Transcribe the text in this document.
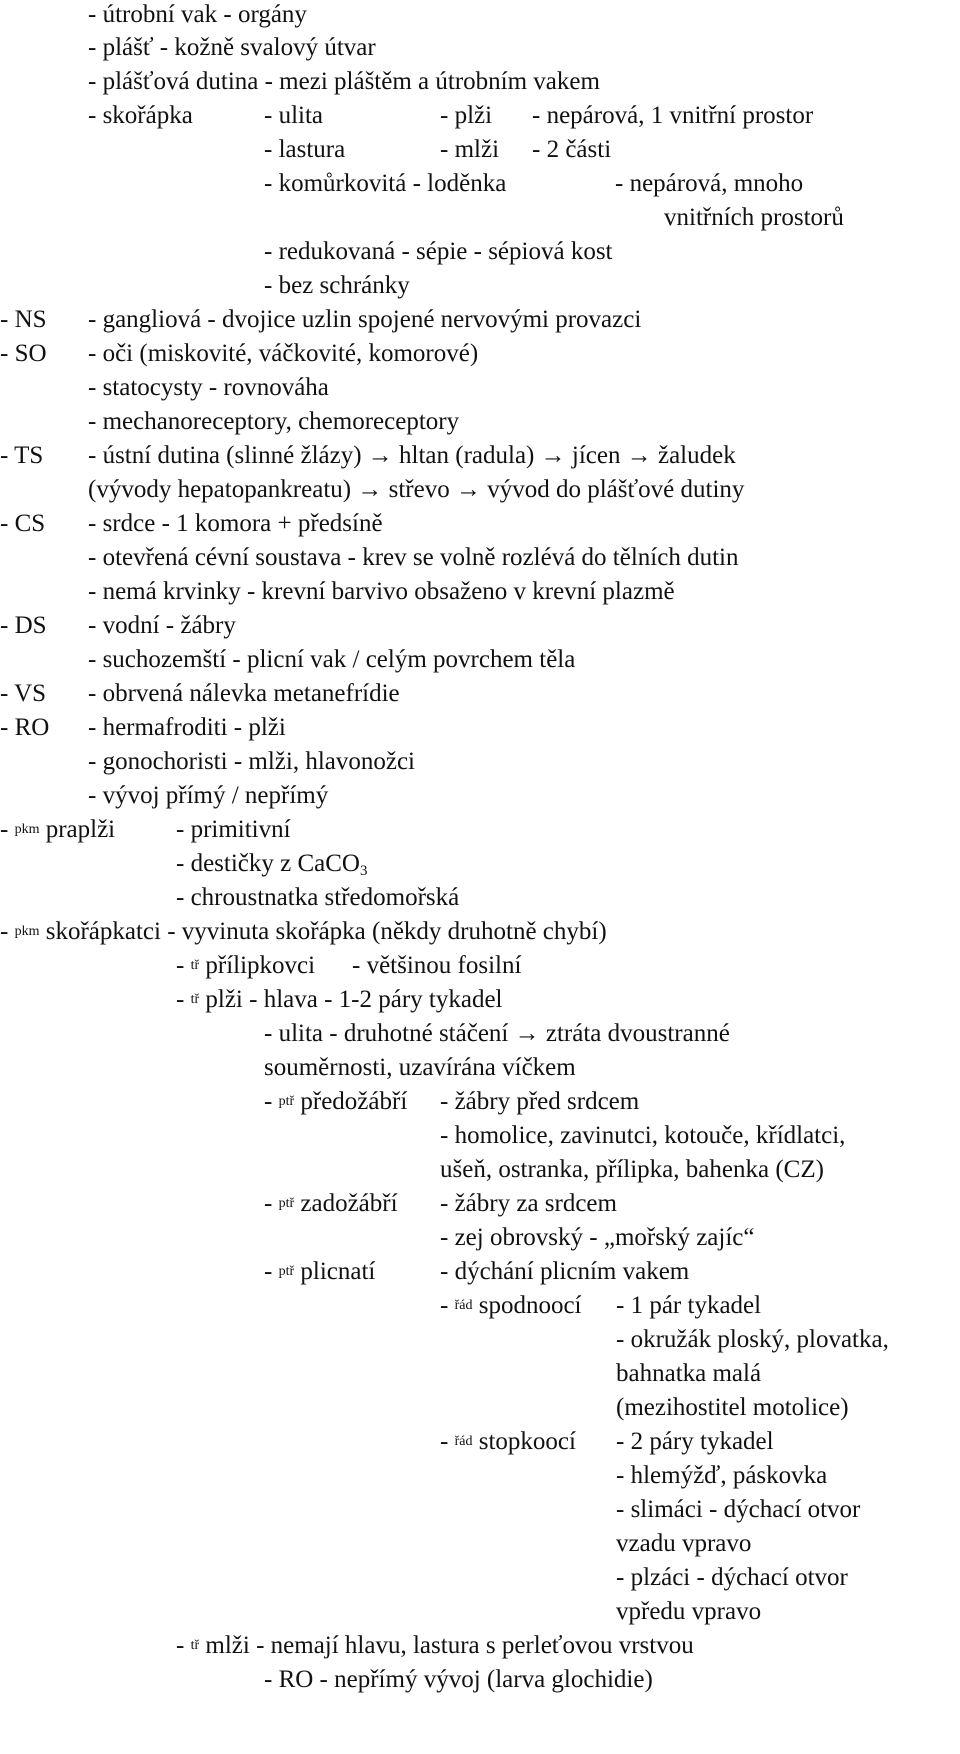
- útrobní vak - orgány
- plášť - kožně svalový útvar
- plášťová dutina - mezi pláštěm a útrobním vakem
- skořápka	- ulita	- plži - nepárová, 1 vnitřní prostor
- lastura	- mlži - 2 části
- komůrkovitá - loděnka	- nepárová, mnoho
vnitřních prostorů
- redukovaná - sépie - sépiová kost
- bez schránky
- NS - gangliová - dvojice uzlin spojené nervovými provazci
- SO - oči (miskovité, váčkovité, komorové)
- statocysty - rovnováha
- mechanoreceptory, chemoreceptory
- TS - ústní dutina (slinné žlázy) → hltan (radula) → jícen → žaludek
(vývody hepatopankreatu) → střevo → vývod do plášťové dutiny
- CS - srdce - 1 komora + předsíně
- otevřená cévní soustava - krev se volně rozlévá do tělních dutin
- nemá krvinky - krevní barvivo obsaženo v krevní plazmě
- DS - vodní - žábry
- suchozemští - plicní vak / celým povrchem těla
- VS - obrvená nálevka metanefrídie
- RO - hermafroditi - plži
- gonochoristi - mlži, hlavonožci
- vývoj přímý / nepřímý
- $^{pkm}$ praplži - primitivní
- destičky z CaCO$_3$
- chroustnatka středomořská
- $^{pkm}$ skořápkatci - vyvinuta skořápka (někdy druhotně chybí)
- $^{tř}$ přílipkovci - většinou fosilní
- $^{tř}$ plži - hlava - 1-2 páry tykadel
- ulita - druhotné stáčení → ztráta dvoustranné
souměrnosti, uzavírána víčkem
- $^{ptř}$ předožábří - žábry před srdcem
- homolice, zavinutci, kotouče, křídlatci,
ušeň, ostranka, přílipka, bahenka (CZ)
- $^{ptř}$ zadožábří - žábry za srdcem
- zej obrovský - „mořský zajíc“
- $^{ptř}$ plicnatí	- dýchání plicním vakem
- $^{řád}$ spodnoocí - 1 pár tykadel
- okružák ploský, plovatka,
bahnatka malá
(mezihostitel motolice)
- $^{řád}$ stopkoocí - 2 páry tykadel
- hlemýžď, páskovka
- slimáci - dýchací otvor
vzadu vpravo
- plzáci - dýchací otvor
vpředu vpravo
- $^{tř}$ mlži - nemají hlavu, lastura s perleťovou vrstvou
- RO - nepřímý vývoj (larva glochidie)
